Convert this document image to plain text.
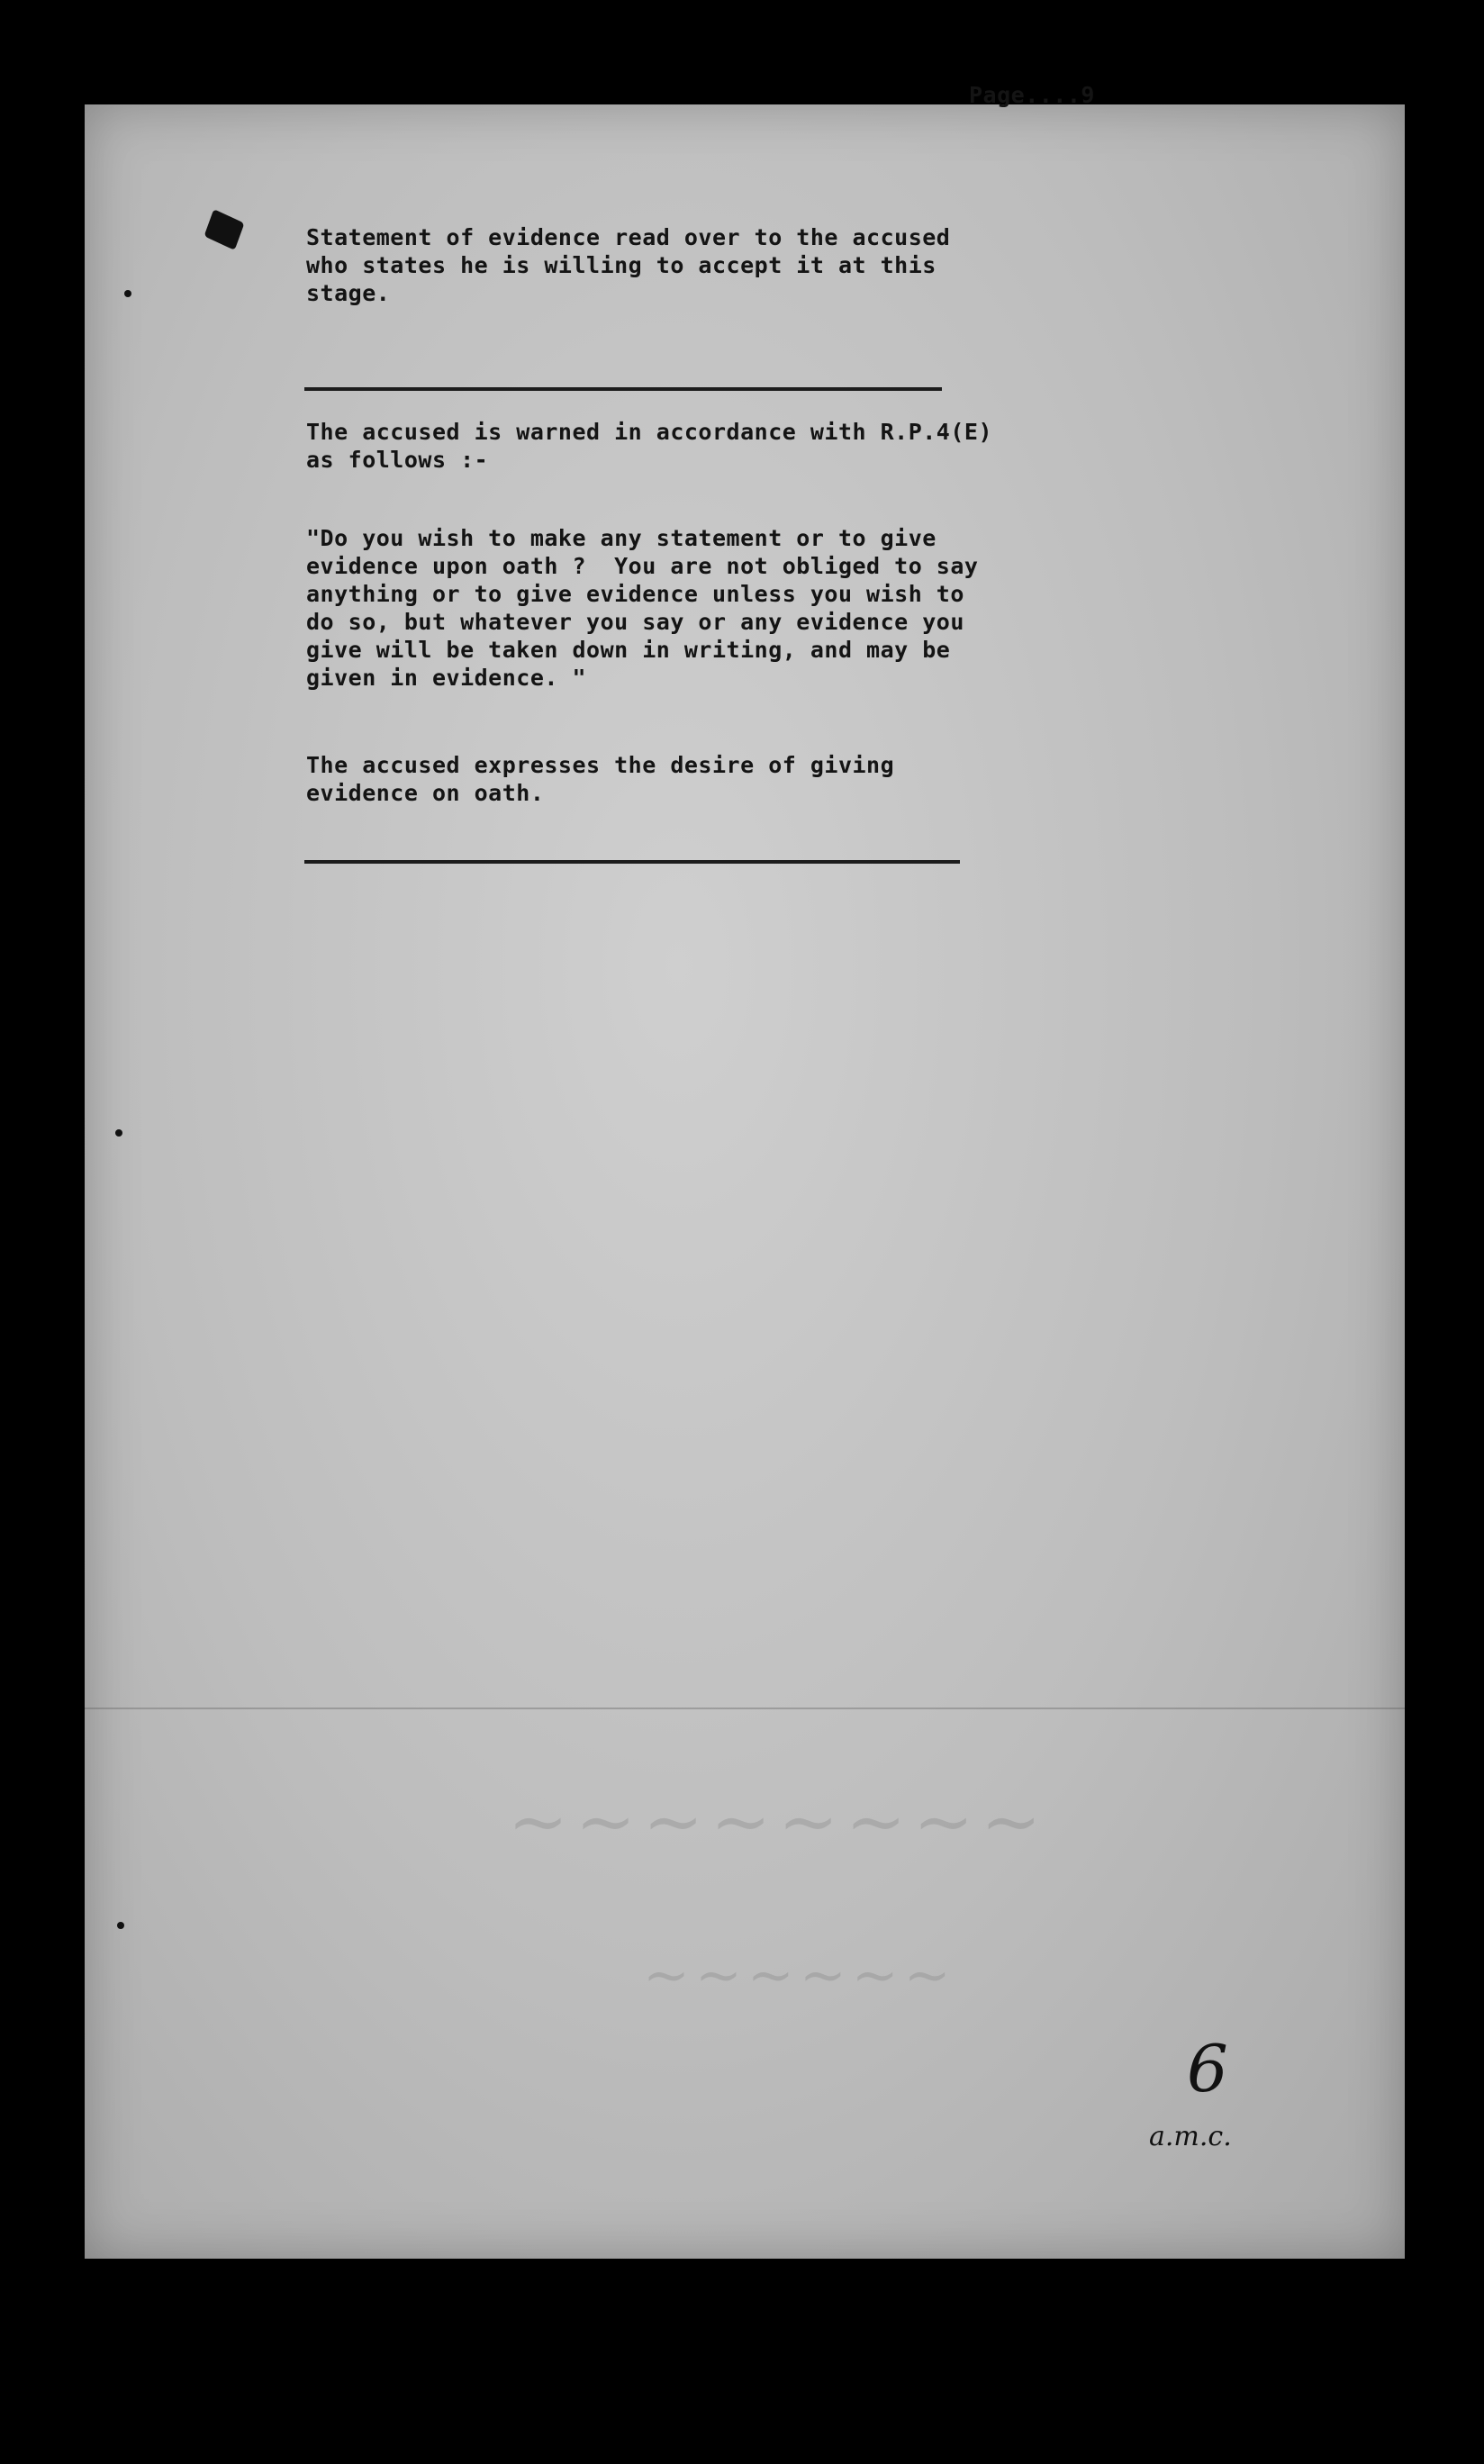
~~~~~~~~
~~~~~~
Page....9
Statement of evidence read over to the accused
who states he is willing to accept it at this
stage.
The accused is warned in accordance with R.P.4(E)
as follows :-
"Do you wish to make any statement or to give
evidence upon oath ?  You are not obliged to say
anything or to give evidence unless you wish to
do so, but whatever you say or any evidence you
give will be taken down in writing, and may be
given in evidence. "
The accused expresses the desire of giving
evidence on oath.
6
a.m.c.
